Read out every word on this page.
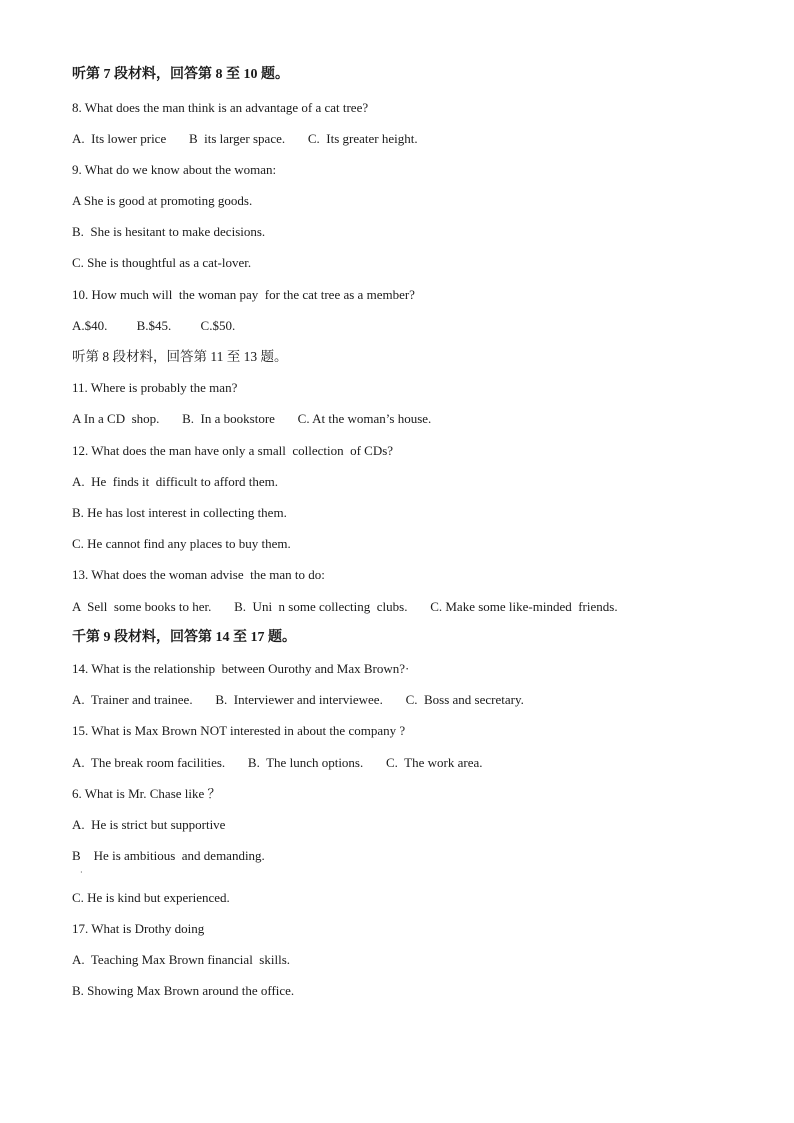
听第 7 段材料，回答第 8 至 10 题。
8. What does the man think is an advantage of a cat tree?
A.  Its lower price       B  its larger space.       C.  Its greater height.
9. What do we know about the woman:
A She is good at promoting goods.
B.  She is hesitant to make decisions.
C. She is thoughtful as a cat-lover.
10. How much will  the woman pay  for the cat tree as a member?
A.$40.         B.$45.         C.$50.
听第 8 段材料，回答第 11 至 13 题。
11. Where is probably the man?
A In a CD  shop.       B.  In a bookstore       C. At the woman’s house.
12. What does the man have only a small  collection  of CDs?
A.  He  finds it  difficult to afford them.
B. He has lost interest in collecting them.
C. He cannot find any places to buy them.
13. What does the woman advise  the man to do:
A  Sell  some books to her.       B.  Uni  n some collecting  clubs.       C. Make some like-minded  friends.
千第 9 段材料，回答第 14 至 17 题。
14. What is the relationship  between Ourothy and Max Brown?·
A.  Trainer and trainee.       B.  Interviewer and interviewee.       C.  Boss and secretary.
15. What is Max Brown NOT interested in about the company ?
A.  The break room facilities.       B.  The lunch options.       C.  The work area.
6. What is Mr. Chase like ？
A.  He is strict but supportive
B    He is ambitious  and demanding.
·
C. He is kind but experienced.
17. What is Drothy doing
A.  Teaching Max Brown financial  skills.
B. Showing Max Brown around the office.
